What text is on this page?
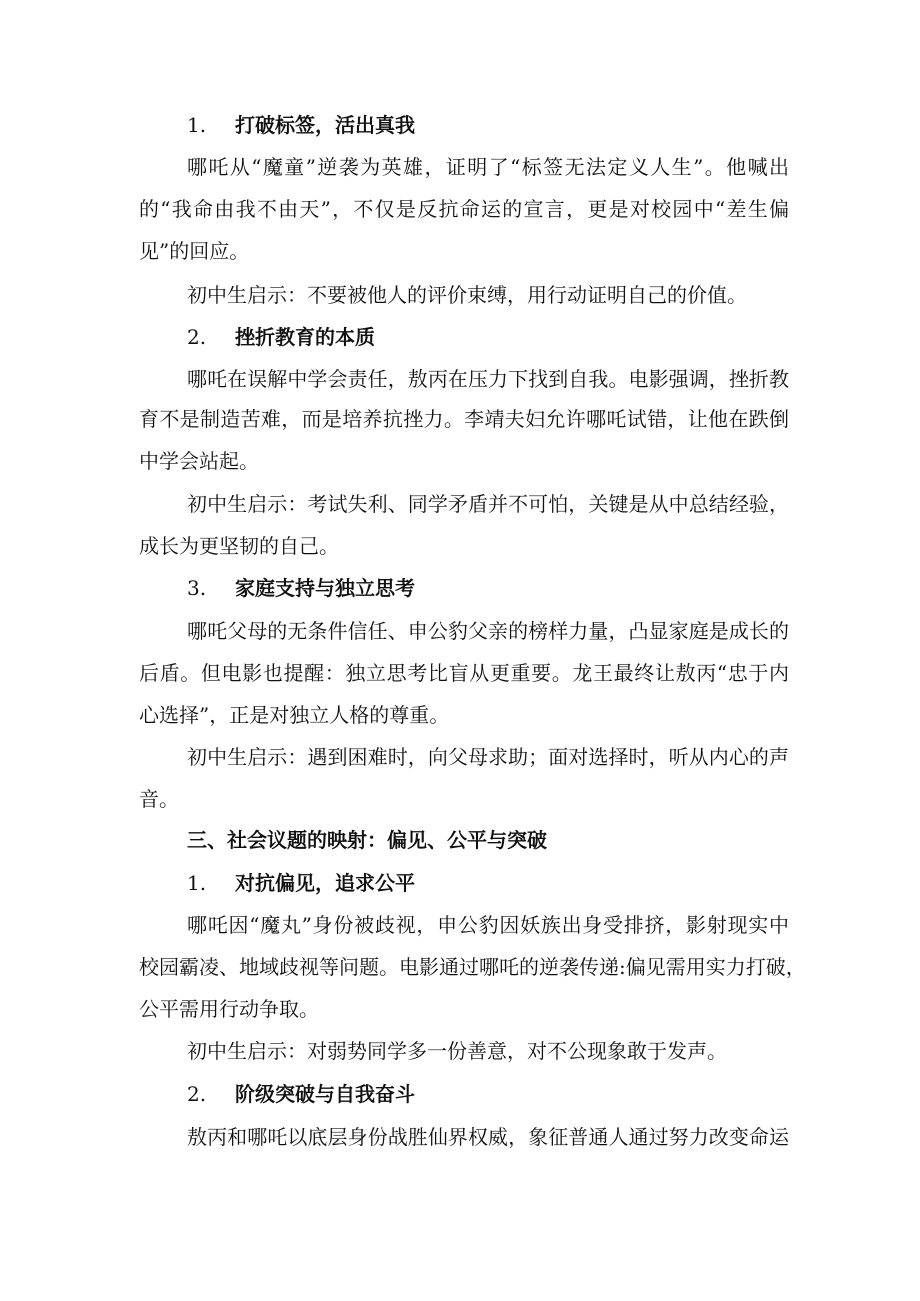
1. 打破标签，活出真我
哪吒从“魔童”逆袭为英雄，证明了“标签无法定义人生”。他喊出
的“我命由我不由天”，不仅是反抗命运的宣言，更是对校园中“差生偏
见”的回应。
初中生启示：不要被他人的评价束缚，用行动证明自己的价值。
2. 挫折教育的本质
哪吒在误解中学会责任，敖丙在压力下找到自我。电影强调，挫折教
育不是制造苦难，而是培养抗挫力。李靖夫妇允许哪吒试错，让他在跌倒
中学会站起。
初中生启示：考试失利、同学矛盾并不可怕，关键是从中总结经验，
成长为更坚韧的自己。
3. 家庭支持与独立思考
哪吒父母的无条件信任、申公豹父亲的榜样力量，凸显家庭是成长的
后盾。但电影也提醒：独立思考比盲从更重要。龙王最终让敖丙“忠于内
心选择”，正是对独立人格的尊重。
初中生启示：遇到困难时，向父母求助；面对选择时，听从内心的声
音。
三、社会议题的映射：偏见、公平与突破
1. 对抗偏见，追求公平
哪吒因“魔丸”身份被歧视，申公豹因妖族出身受排挤，影射现实中
校园霸凌、地域歧视等问题。电影通过哪吒的逆袭传递:偏见需用实力打破，
公平需用行动争取。
初中生启示：对弱势同学多一份善意，对不公现象敢于发声。
2. 阶级突破与自我奋斗
敖丙和哪吒以底层身份战胜仙界权威，象征普通人通过努力改变命运
